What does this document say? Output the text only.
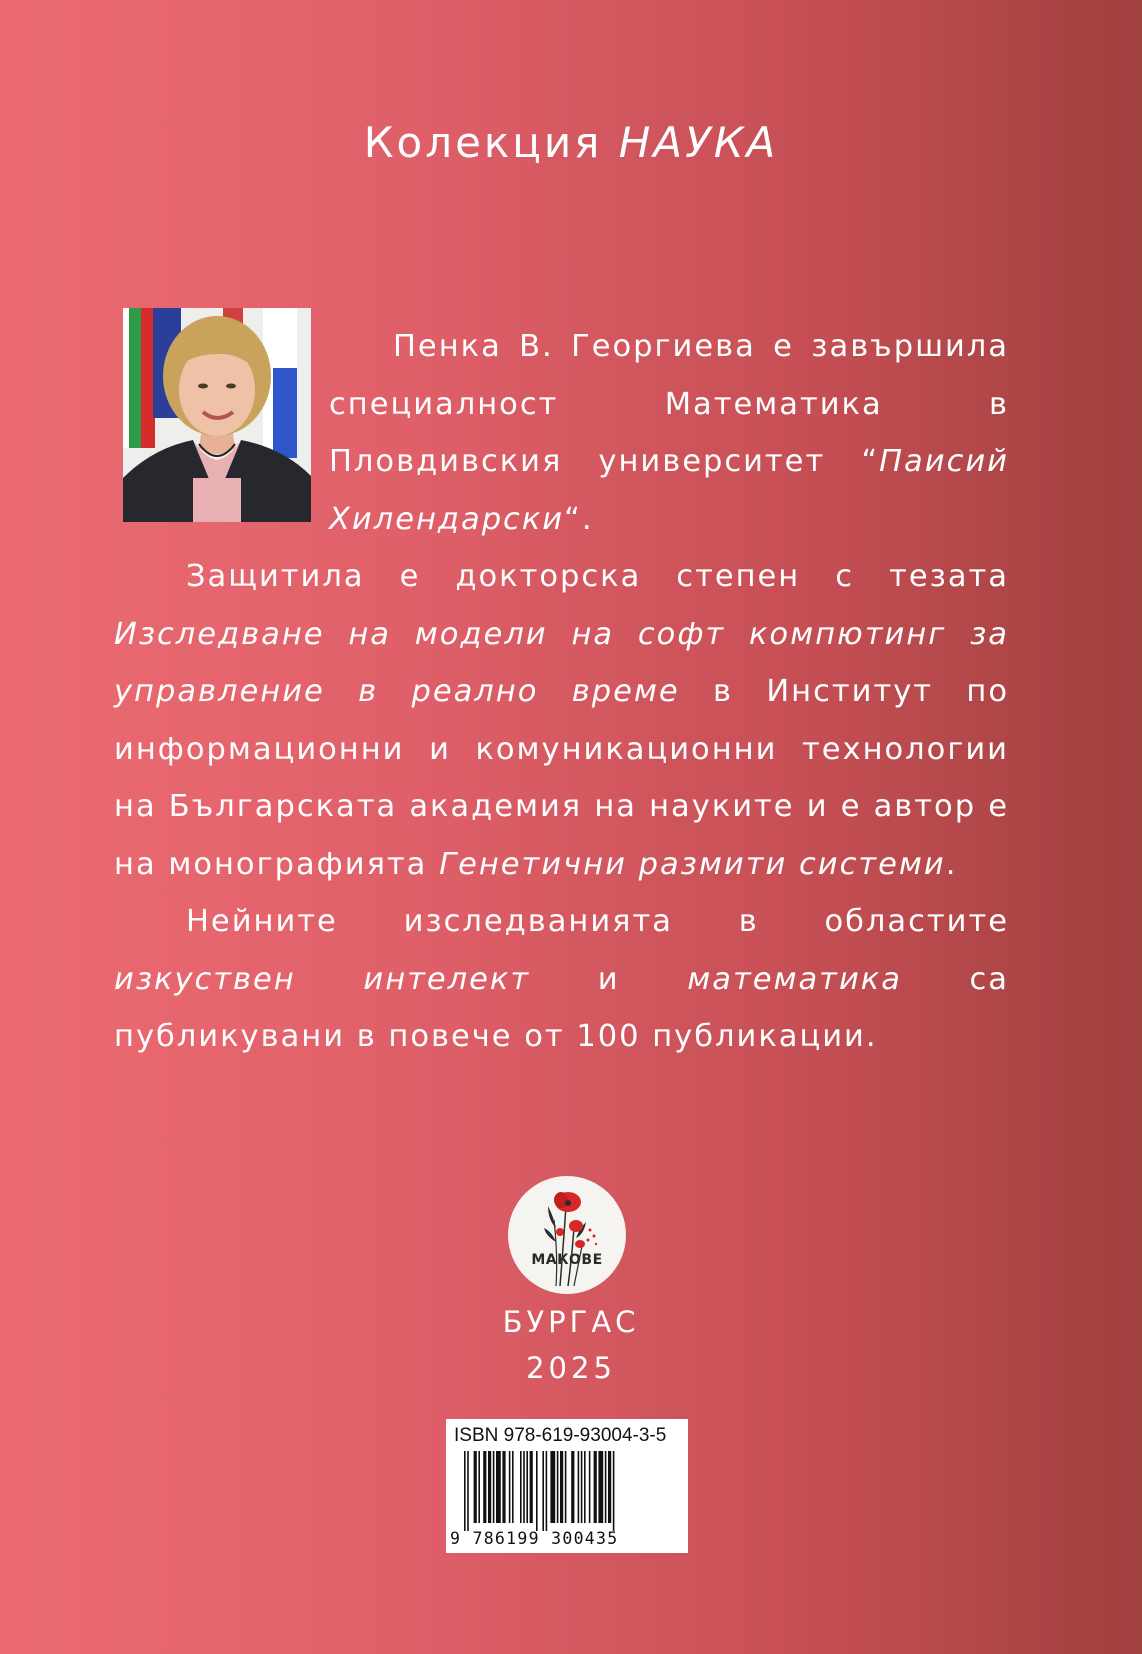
Колекция НАУКА

Пенка В. Георгиева е завършила специалност Математика в Пловдивския университет “Паисий Хилендарски“.

Защитила е докторска степен с тезата Изследване на модели на софт компютинг за управление в реално време в Институт по информационни и комуникационни технологии на Българската академия на науките и е автор е на монографията Генетични размити системи.

Нейните изследванията в областите изкуствен интелект и математика са публикувани в повече от 100 публикации.

МАКОВЕ
БУРГАС
2025
ISBN 978-619-93004-3-5
9 786199 300435
